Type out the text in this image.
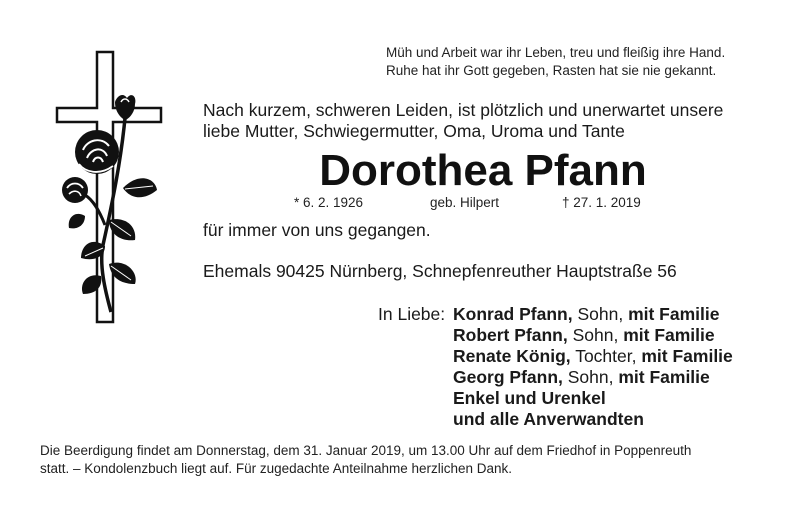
Müh und Arbeit war ihr Leben, treu und fleißig ihre Hand.
Ruhe hat ihr Gott gegeben, Rasten hat sie nie gekannt.
Nach kurzem, schweren Leiden, ist plötzlich und unerwartet unsere
liebe Mutter, Schwiegermutter, Oma, Uroma und Tante
Dorothea Pfann
* 6. 2. 1926	geb. Hilpert	† 27. 1. 2019
für immer von uns gegangen.
Ehemals 90425 Nürnberg, Schnepfenreuther Hauptstraße 56
In Liebe: Konrad Pfann, Sohn, mit Familie
Robert Pfann, Sohn, mit Familie
Renate König, Tochter, mit Familie
Georg Pfann, Sohn, mit Familie
Enkel und Urenkel
und alle Anverwandten
Die Beerdigung findet am Donnerstag, dem 31. Januar 2019, um 13.00 Uhr auf dem Friedhof in Poppenreuth
statt. – Kondolenzbuch liegt auf. Für zugedachte Anteilnahme herzlichen Dank.
